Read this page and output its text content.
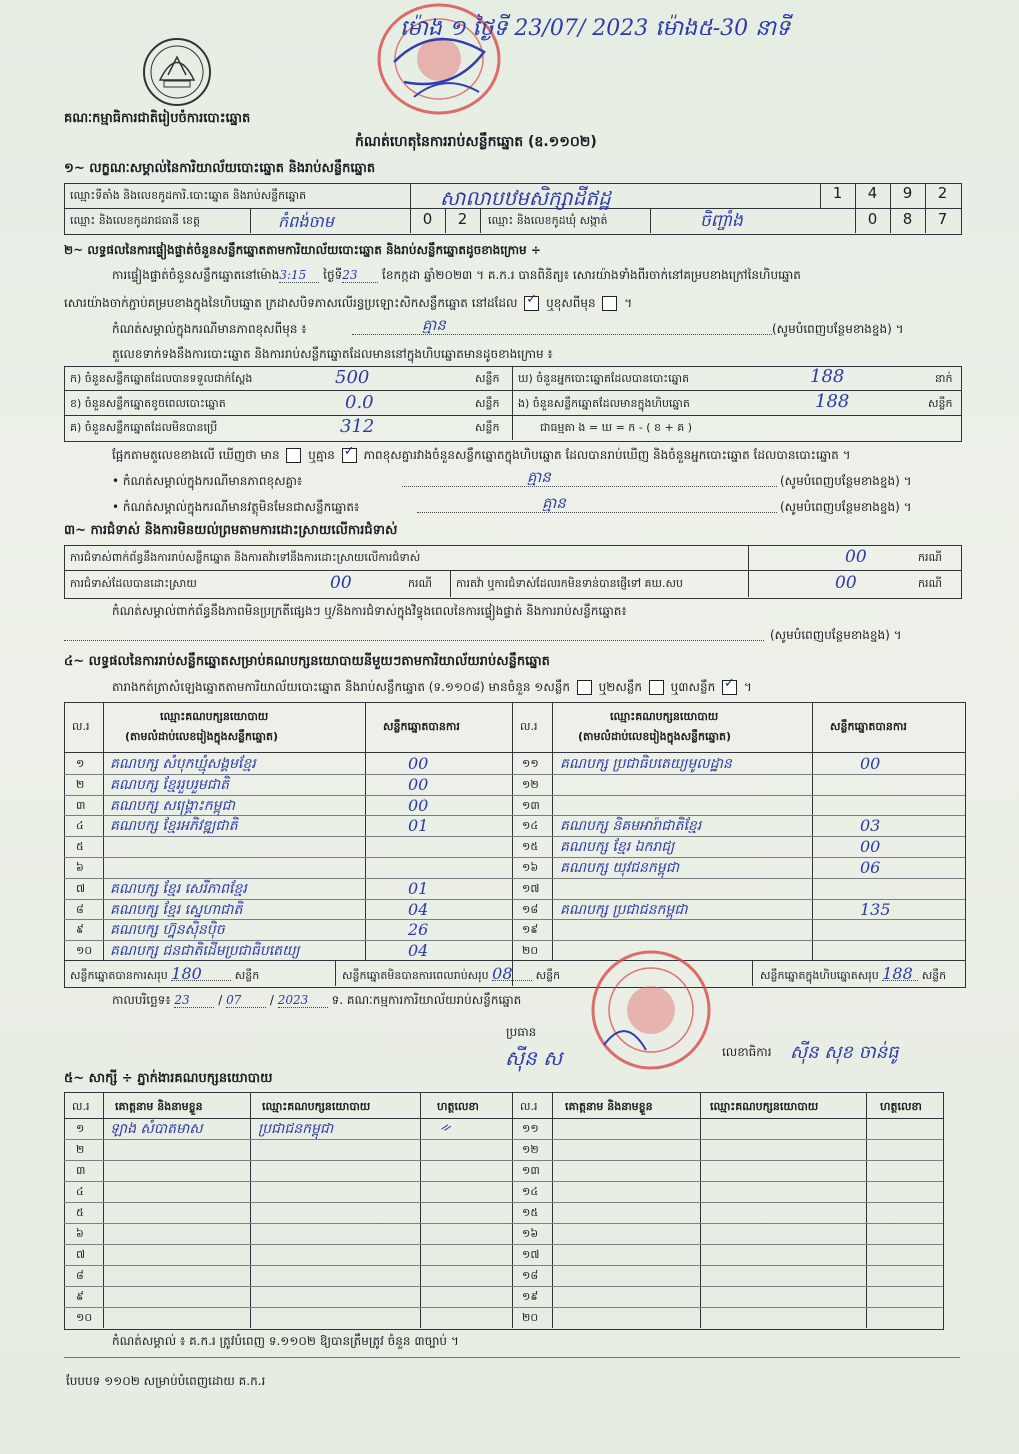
គណៈកម្មាធិការជាតិរៀបចំការបោះឆ្នោត
ម៉ោង ១ ថ្ងៃទី 23/07/ 2023 ម៉ោង៥-30 នាទី
កំណត់ហេតុនៃការរាប់សន្លឹកឆ្នោត (ឧ.១១០២)
១~ លក្ខណៈសម្គាល់នៃការិយាល័យបោះឆ្នោត និងរាប់សន្លឹកឆ្នោត
ឈ្មោះទីតាំង និងលេខកូដការិ.បោះឆ្នោត និងរាប់សន្លឹកឆ្នោត	សាលាបឋមសិក្សាដីឥដ្ឋ	1	4	9	2
ឈ្មោះ និងលេខកូដរាជធានី ខេត្ត	កំពង់ចាម	0	2	ឈ្មោះ និងលេខកូដឃុំ សង្កាត់	ចិញ្ចាំង	0	8	7
២~ លទ្ធផលនៃការផ្ទៀងផ្ទាត់ចំនួនសន្លឹកឆ្នោតតាមការិយាល័យបោះឆ្នោត និងរាប់សន្លឹកឆ្នោតដូចខាងក្រោម ÷
ការផ្ទៀងផ្ទាត់ចំនួនសន្លឹកឆ្នោតនៅម៉ោង3:15 ថ្ងៃទី23 ខែកក្កដា ឆ្នាំ២០២៣ ។ គ.ក.រ បានពិនិត្យ៖ សោរយ៉ាងទាំងពីរចាក់នៅគម្របខាងក្រៅនៃហិបឆ្នោត
សោរយ៉ាងចាក់ភ្ជាប់គម្របខាងក្នុងនៃហិបឆ្នោត ក្រដាសបិទភាសលើរន្ធប្រឡោះសិកសន្លឹកឆ្នោត នៅដដែល ✓ ឬខុសពីមុន  ។
កំណត់សម្គាល់ក្នុងករណីមានភាពខុសពីមុន ៖	គ្មាន	(សូមបំពេញបន្ថែមខាងខ្នង) ។
តួលេខទាក់ទងនឹងការបោះឆ្នោត និងការរាប់សន្លឹកឆ្នោតដែលមាននៅក្នុងហិបឆ្នោតមានដូចខាងក្រោម ៖
ក) ចំនួនសន្លឹកឆ្នោតដែលបានទទួលជាក់ស្តែង	500	សន្លឹក
ខ) ចំនួនសន្លឹកឆ្នោតខូចពេលបោះឆ្នោត	0.0	សន្លឹក
គ) ចំនួនសន្លឹកឆ្នោតដែលមិនបានប្រើ	312	សន្លឹក
ឃ) ចំនួនអ្នកបោះឆ្នោតដែលបានបោះឆ្នោត	188	នាក់
ង) ចំនួនសន្លឹកឆ្នោតដែលមានក្នុងហិបឆ្នោត	188	សន្លឹក
ជាធម្មតា ង = ឃ = ក - ( ខ + គ )
ផ្អែកតាមតួលេខខាងលើ ឃើញថា មាន ឬគ្មាន ✓ ភាពខុសគ្នារវាងចំនួនសន្លឹកឆ្នោតក្នុងហិបឆ្នោត ដែលបានរាប់ឃើញ និងចំនួនអ្នកបោះឆ្នោត ដែលបានបោះឆ្នោត ។
• កំណត់សម្គាល់ក្នុងករណីមានភាពខុសគ្នា៖	គ្មាន	(សូមបំពេញបន្ថែមខាងខ្នង) ។
• កំណត់សម្គាល់ក្នុងករណីមានវត្ថុមិនមែនជាសន្លឹកឆ្នោត៖	គ្មាន	(សូមបំពេញបន្ថែមខាងខ្នង) ។
៣~ ការជំទាស់ និងការមិនយល់ព្រមតាមការដោះស្រាយលើការជំទាស់
ការជំទាស់ពាក់ព័ន្ធនឹងការរាប់សន្លឹកឆ្នោត និងការតវ៉ាទៅនឹងការដោះស្រាយលើការជំទាស់	00	ករណី
ការជំទាស់ដែលបានដោះស្រាយ	00	ករណី ការតវ៉ា ឬការជំទាស់ដែលរកមិនទាន់បានផ្ញើទៅ គឃ.សប	00	ករណី
កំណត់សម្គាល់ពាក់ព័ន្ធនឹងភាពមិនប្រក្រតីផ្សេងៗ ឬ/និងការជំទាស់ក្នុងវិទ្ធុងពេលនៃការផ្ទៀងផ្ទាត់ និងការរាប់សន្លឹកឆ្នោត៖
(សូមបំពេញបន្ថែមខាងខ្នង) ។
៤~ លទ្ធផលនៃការរាប់សន្លឹកឆ្នោតសម្រាប់គណបក្សនយោបាយនីមួយៗតាមការិយាល័យរាប់សន្លឹកឆ្នោត
តារាងកត់ត្រាសំឡេងឆ្នោតតាមការិយាល័យបោះឆ្នោត និងរាប់សន្លឹកឆ្នោត (ទ.១១០៨) មានចំនួន ១សន្លឹក ឬ២សន្លឹក ឬ៣សន្លឹក ✓ ។
ល.រ
ឈ្មោះគណបក្សនយោបាយ
(តាមលំដាប់លេខរៀងក្នុងសន្លឹកឆ្នោត)
សន្លឹកឆ្នោតបានការ	ល.រ
ឈ្មោះគណបក្សនយោបាយ
(តាមលំដាប់លេខរៀងក្នុងសន្លឹកឆ្នោត)
សន្លឹកឆ្នោតបានការ
១ គណបក្ស សំបុកឃ្មុំសង្គមខ្មែរ	00
២ គណបក្ស ខ្មែររួបរួមជាតិ	00
៣ គណបក្ស សង្គ្រោះកម្ពុជា	00
៤ គណបក្ស ខ្មែរអភិវឌ្ឍជាតិ	01
៥
៦
៧ គណបក្ស ខ្មែរ សេរីភាពខ្មែរ	01
៨ គណបក្ស ខ្មែរ ស្នេហាជាតិ	04
៩ គណបក្ស ហ្វ៊ុនស៊ិនប៉ិច	26
១០ គណបក្ស ជនជាតិដើមប្រជាធិបតេយ្យ	04
១១ គណបក្ស ប្រជាធិបតេយ្យមូលដ្ឋាន	00
១២
១៣
១៤ គណបក្ស និគមអារ៉ាជាតិខ្មែរ	03
១៥ គណបក្ស ខ្មែរ ឯករាជ្យ	00
១៦ គណបក្ស យុវជនកម្ពុជា	06
១៧
១៨ គណបក្ស ប្រជាជនកម្ពុជា	135
១៩
២០
សន្លឹកឆ្នោតបានការសរុប 180	សន្លឹក	សន្លឹកឆ្នោតមិនបានការពេលរាប់សរុប 08 សន្លឹក	សន្លឹកឆ្នោតក្នុងហិបឆ្នោតសរុប 188 សន្លឹក
កាលបរិច្ឆេទ៖ 23 / 07 / 2023 ទ. គណៈកម្មការការិយាល័យរាប់សន្លឹកឆ្នោត
ប្រធាន
ស៊ីន ស	លេខាធិការ ស៊ីន សុខ ចាន់ធូ
៥~ សាក្សី ÷ ភ្នាក់ងារគណបក្សនយោបាយ
ល.រ គោត្តនាម និងនាមខ្លួន	ឈ្មោះគណបក្សនយោបាយ	ហត្ថលេខា	ល.រ	គោត្តនាម និងនាមខ្លួន	ឈ្មោះគណបក្សនយោបាយ	ហត្ថលេខា
១ ឡាង សំបាតមាស	ប្រជាជនកម្ពុជា	ᨀ	១១
២	១២
៣	១៣
៤	១៤
៥	១៥
៦	១៦
៧	១៧
៨	១៨
៩	១៩
១០	២០
កំណត់សម្គាល់ ៖ គ.ក.រ ត្រូវបំពេញ ទ.១១០២ ឱ្យបានត្រឹមត្រូវ ចំនួន ៣ច្បាប់ ។
បែបបទ ១១០២ សម្រាប់បំពេញដោយ គ.ក.រ
